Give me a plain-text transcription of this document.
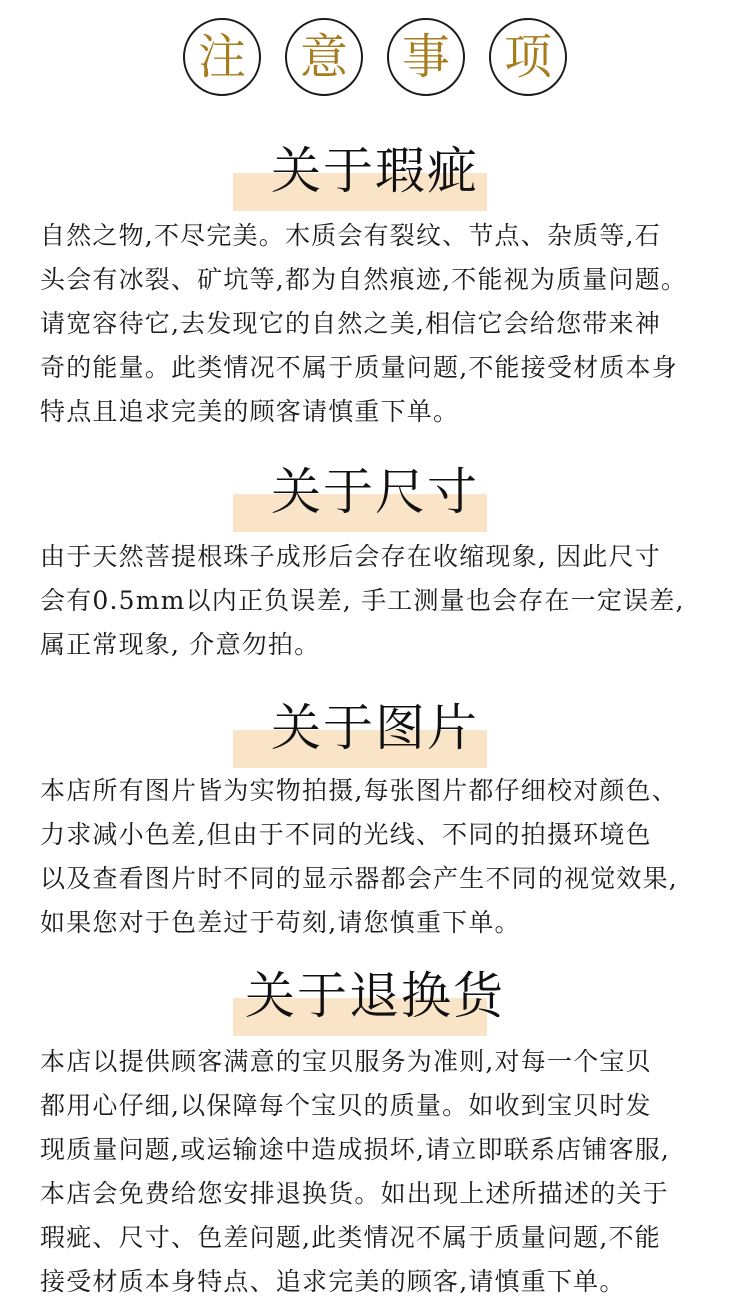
注	意	事	项
关于瑕疵
自然之物,不尽完美。木质会有裂纹、节点、杂质等,石
头会有冰裂、矿坑等,都为自然痕迹,不能视为质量问题。
请宽容待它,去发现它的自然之美,相信它会给您带来神
奇的能量。此类情况不属于质量问题,不能接受材质本身
特点且追求完美的顾客请慎重下单。
关于尺寸
由于天然菩提根珠子成形后会存在收缩现象, 因此尺寸
会有0.5mm以内正负误差, 手工测量也会存在一定误差,
属正常现象, 介意勿拍。
关于图片
本店所有图片皆为实物拍摄,每张图片都仔细校对颜色、
力求减小色差,但由于不同的光线、不同的拍摄环境色
以及查看图片时不同的显示器都会产生不同的视觉效果,
如果您对于色差过于苟刻,请您慎重下单。
关于退换货
本店以提供顾客满意的宝贝服务为准则,对每一个宝贝
都用心仔细,以保障每个宝贝的质量。如收到宝贝时发
现质量问题,或运输途中造成损坏,请立即联系店铺客服,
本店会免费给您安排退换货。如出现上述所描述的关于
瑕疵、尺寸、色差问题,此类情况不属于质量问题,不能
接受材质本身特点、追求完美的顾客,请慎重下单。
